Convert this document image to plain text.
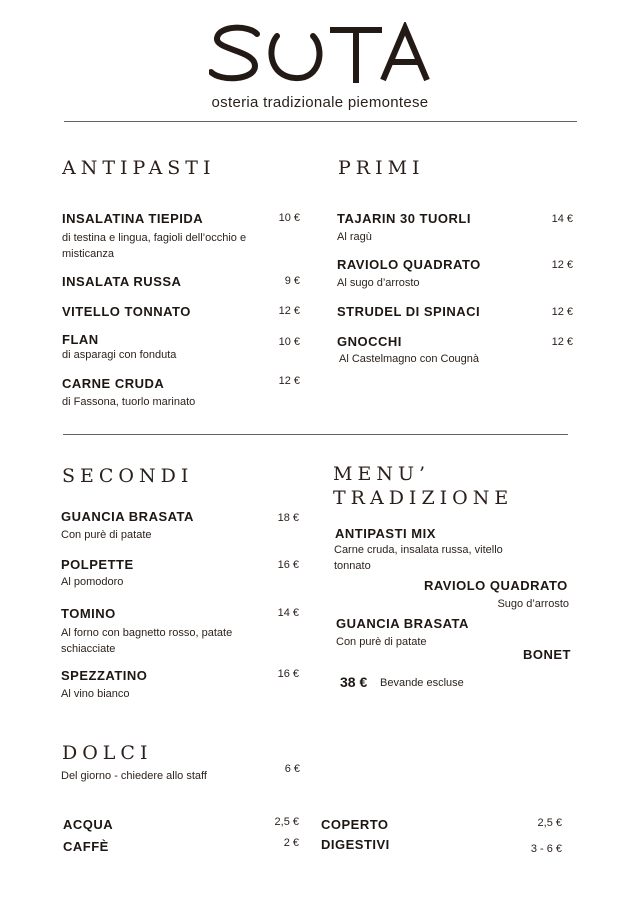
osteria tradizionale piemontese
ANTIPASTI
INSALATINA TIEPIDA	10 €
di testina e lingua, fagioli dell’occhio e misticanza
INSALATA RUSSA	9 €
VITELLO TONNATO	12 €
FLAN	10 €
di asparagi con fonduta
CARNE CRUDA	12 €
di Fassona, tuorlo marinato
PRIMI
TAJARIN 30 TUORLI	14 €
Al ragù
RAVIOLO QUADRATO	12 €
Al sugo d’arrosto
STRUDEL DI SPINACI	12 €
GNOCCHI	12 €
Al Castelmagno con Cougnà
SECONDI
GUANCIA BRASATA	18 €
Con purè di patate
POLPETTE	16 €
Al pomodoro
TOMINO	14 €
Al forno con bagnetto rosso, patate schiacciate
SPEZZATINO	16 €
Al vino bianco
MENU’
TRADIZIONE
ANTIPASTI MIX
Carne cruda, insalata russa, vitello tonnato
RAVIOLO QUADRATO
Sugo d’arrosto
GUANCIA BRASATA
Con purè di patate
BONET
38 € Bevande escluse
DOLCI
Del giorno - chiedere allo staff
6 €
ACQUA	2,5 €
CAFFÈ	2 €
COPERTO	2,5 €
DIGESTIVI	3 - 6 €
